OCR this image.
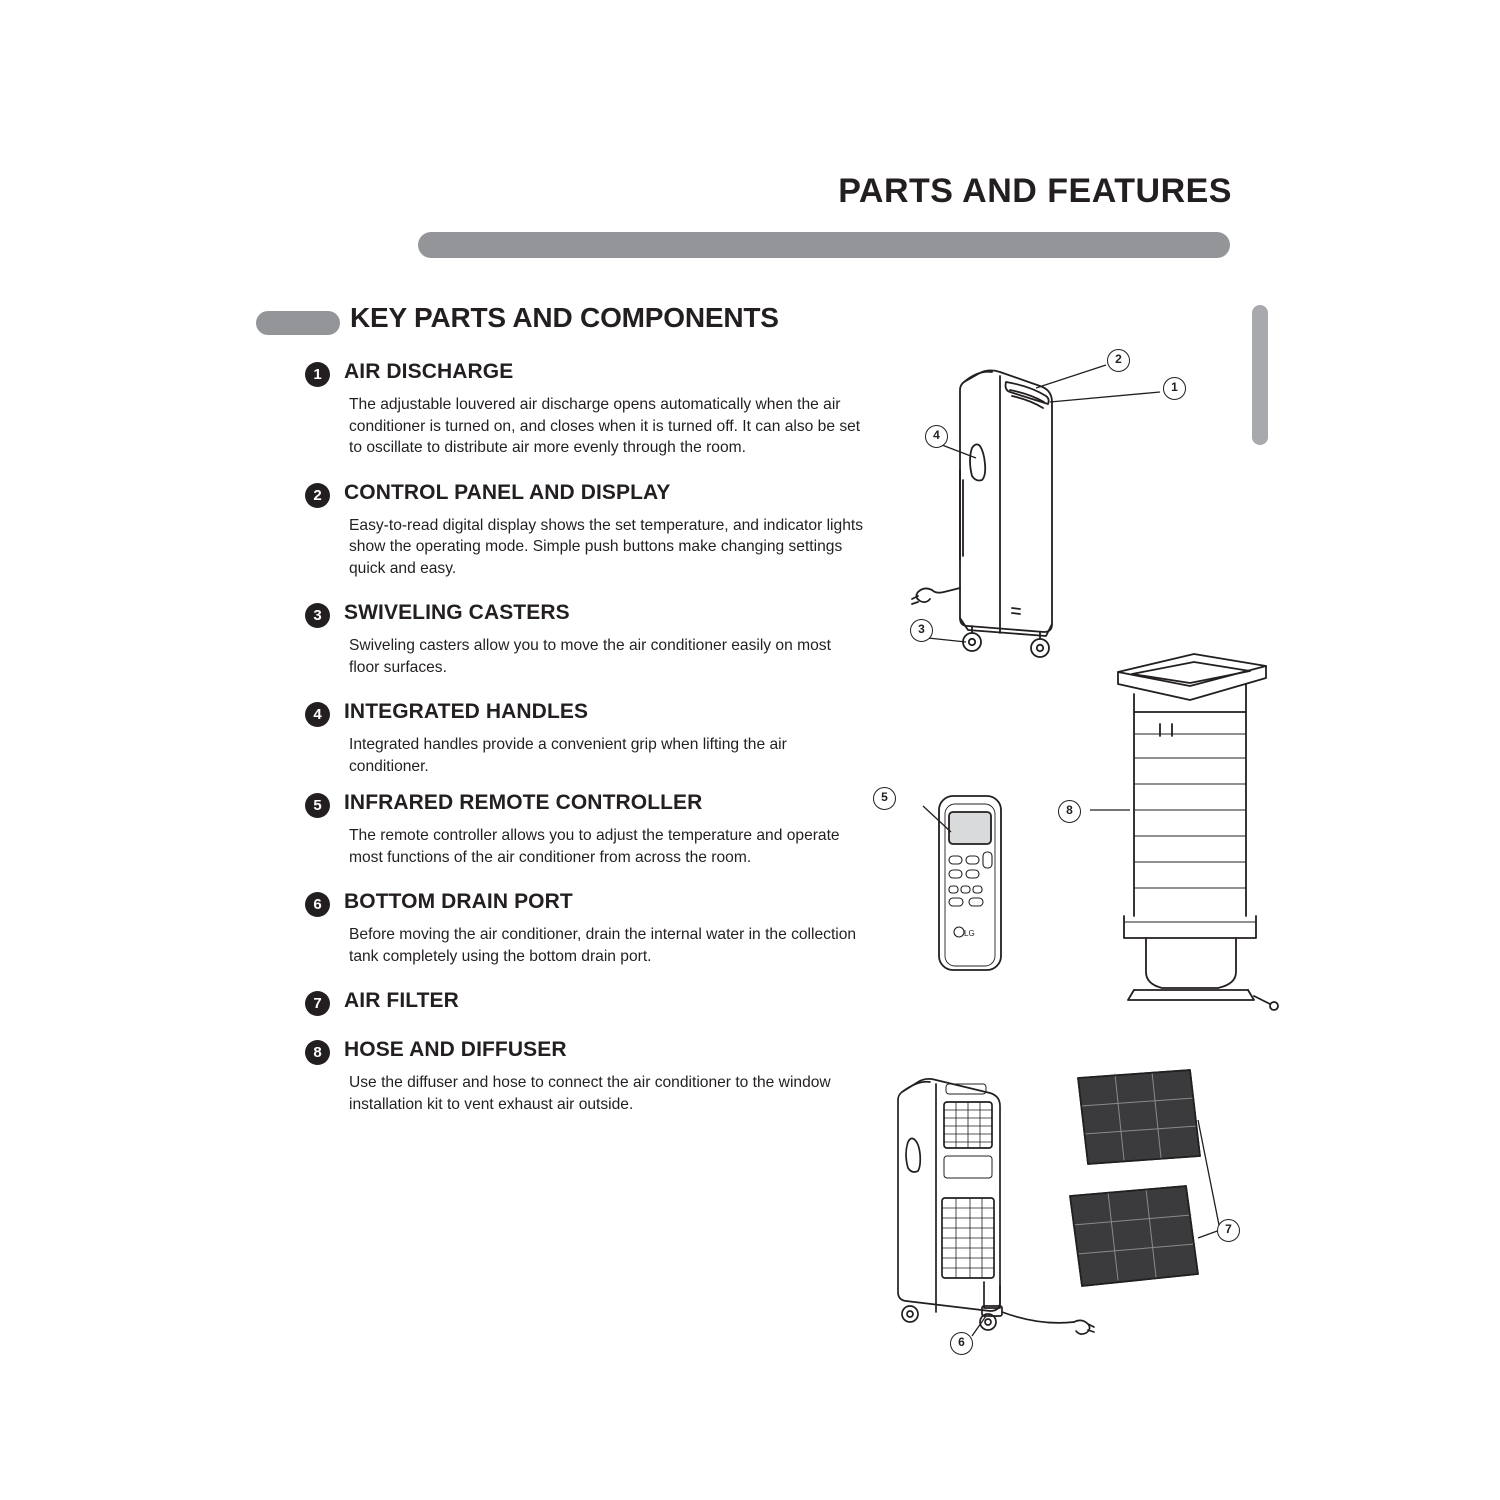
PARTS AND FEATURES
KEY PARTS AND COMPONENTS
1	AIR DISCHARGE
The adjustable louvered air discharge opens automatically when the air conditioner is turned on, and closes when it is turned off. It can also be set to oscillate to distribute air more evenly through the room.
2	CONTROL PANEL AND DISPLAY
Easy-to-read digital display shows the set temperature, and indicator lights show the operating mode. Simple push buttons make changing settings quick and easy.
3	SWIVELING CASTERS
Swiveling casters allow you to move the air conditioner easily on most floor surfaces.
4	INTEGRATED HANDLES
Integrated handles provide a convenient grip when lifting the air conditioner.
5	INFRARED REMOTE CONTROLLER
The remote controller allows you to adjust the temperature and operate most functions of the air conditioner from across the room.
6	BOTTOM DRAIN PORT
Before moving the air conditioner, drain the internal water in the collection tank completely using the bottom drain port.
7	AIR FILTER
8	HOSE AND DIFFUSER
Use the diffuser and hose to connect the air conditioner to the window installation kit to vent exhaust air outside.
2
1
4
3
8
LG
5
6
7
